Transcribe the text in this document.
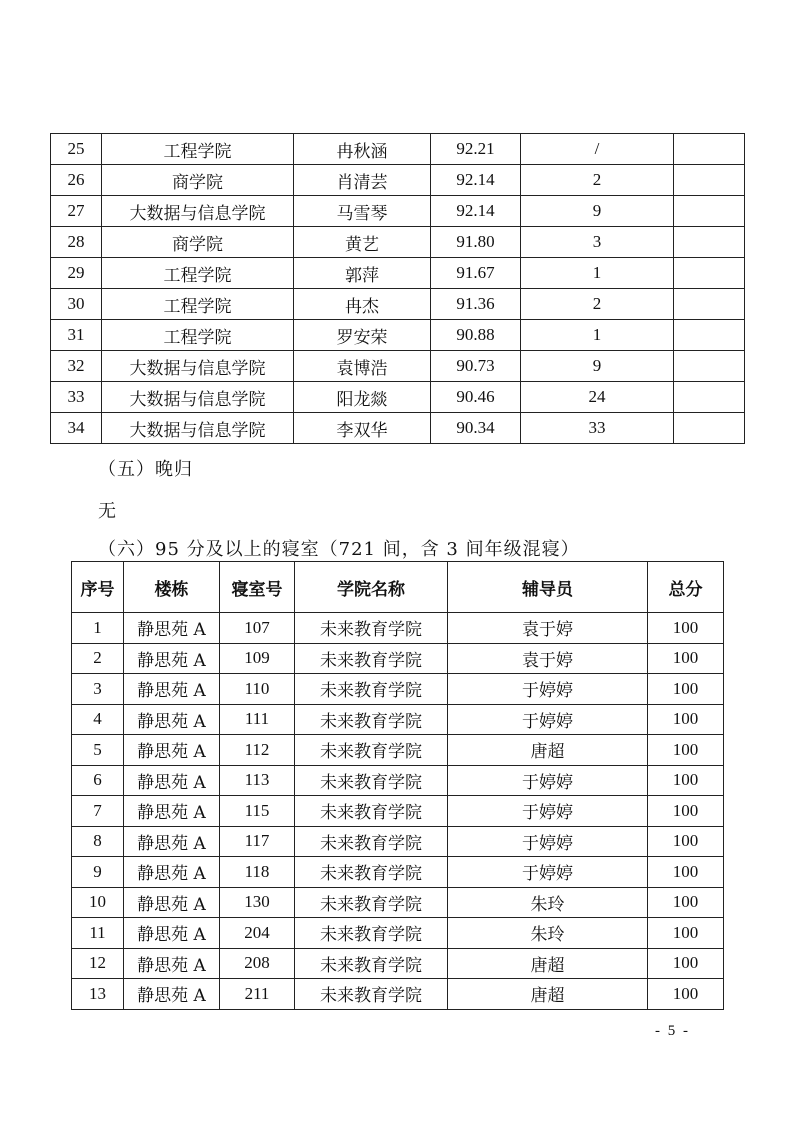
25	工程学院	冉秋涵	92.21	/	
26	商学院	肖清芸	92.14	2	
27	大数据与信息学院	马雪琴	92.14	9	
28	商学院	黄艺	91.80	3	
29	工程学院	郭萍	91.67	1	
30	工程学院	冉杰	91.36	2	
31	工程学院	罗安荣	90.88	1	
32	大数据与信息学院	袁博浩	90.73	9	
33	大数据与信息学院	阳龙燚	90.46	24	
34	大数据与信息学院	李双华	90.34	33	
（五）晚归
无
（六）95 分及以上的寝室（721 间，含 3 间年级混寝）
序号	楼栋	寝室号	学院名称	辅导员	总分
1	静思苑 A	107	未来教育学院	袁于婷	100
2	静思苑 A	109	未来教育学院	袁于婷	100
3	静思苑 A	110	未来教育学院	于婷婷	100
4	静思苑 A	111	未来教育学院	于婷婷	100
5	静思苑 A	112	未来教育学院	唐超	100
6	静思苑 A	113	未来教育学院	于婷婷	100
7	静思苑 A	115	未来教育学院	于婷婷	100
8	静思苑 A	117	未来教育学院	于婷婷	100
9	静思苑 A	118	未来教育学院	于婷婷	100
10	静思苑 A	130	未来教育学院	朱玲	100
11	静思苑 A	204	未来教育学院	朱玲	100
12	静思苑 A	208	未来教育学院	唐超	100
13	静思苑 A	211	未来教育学院	唐超	100
- 5 -
